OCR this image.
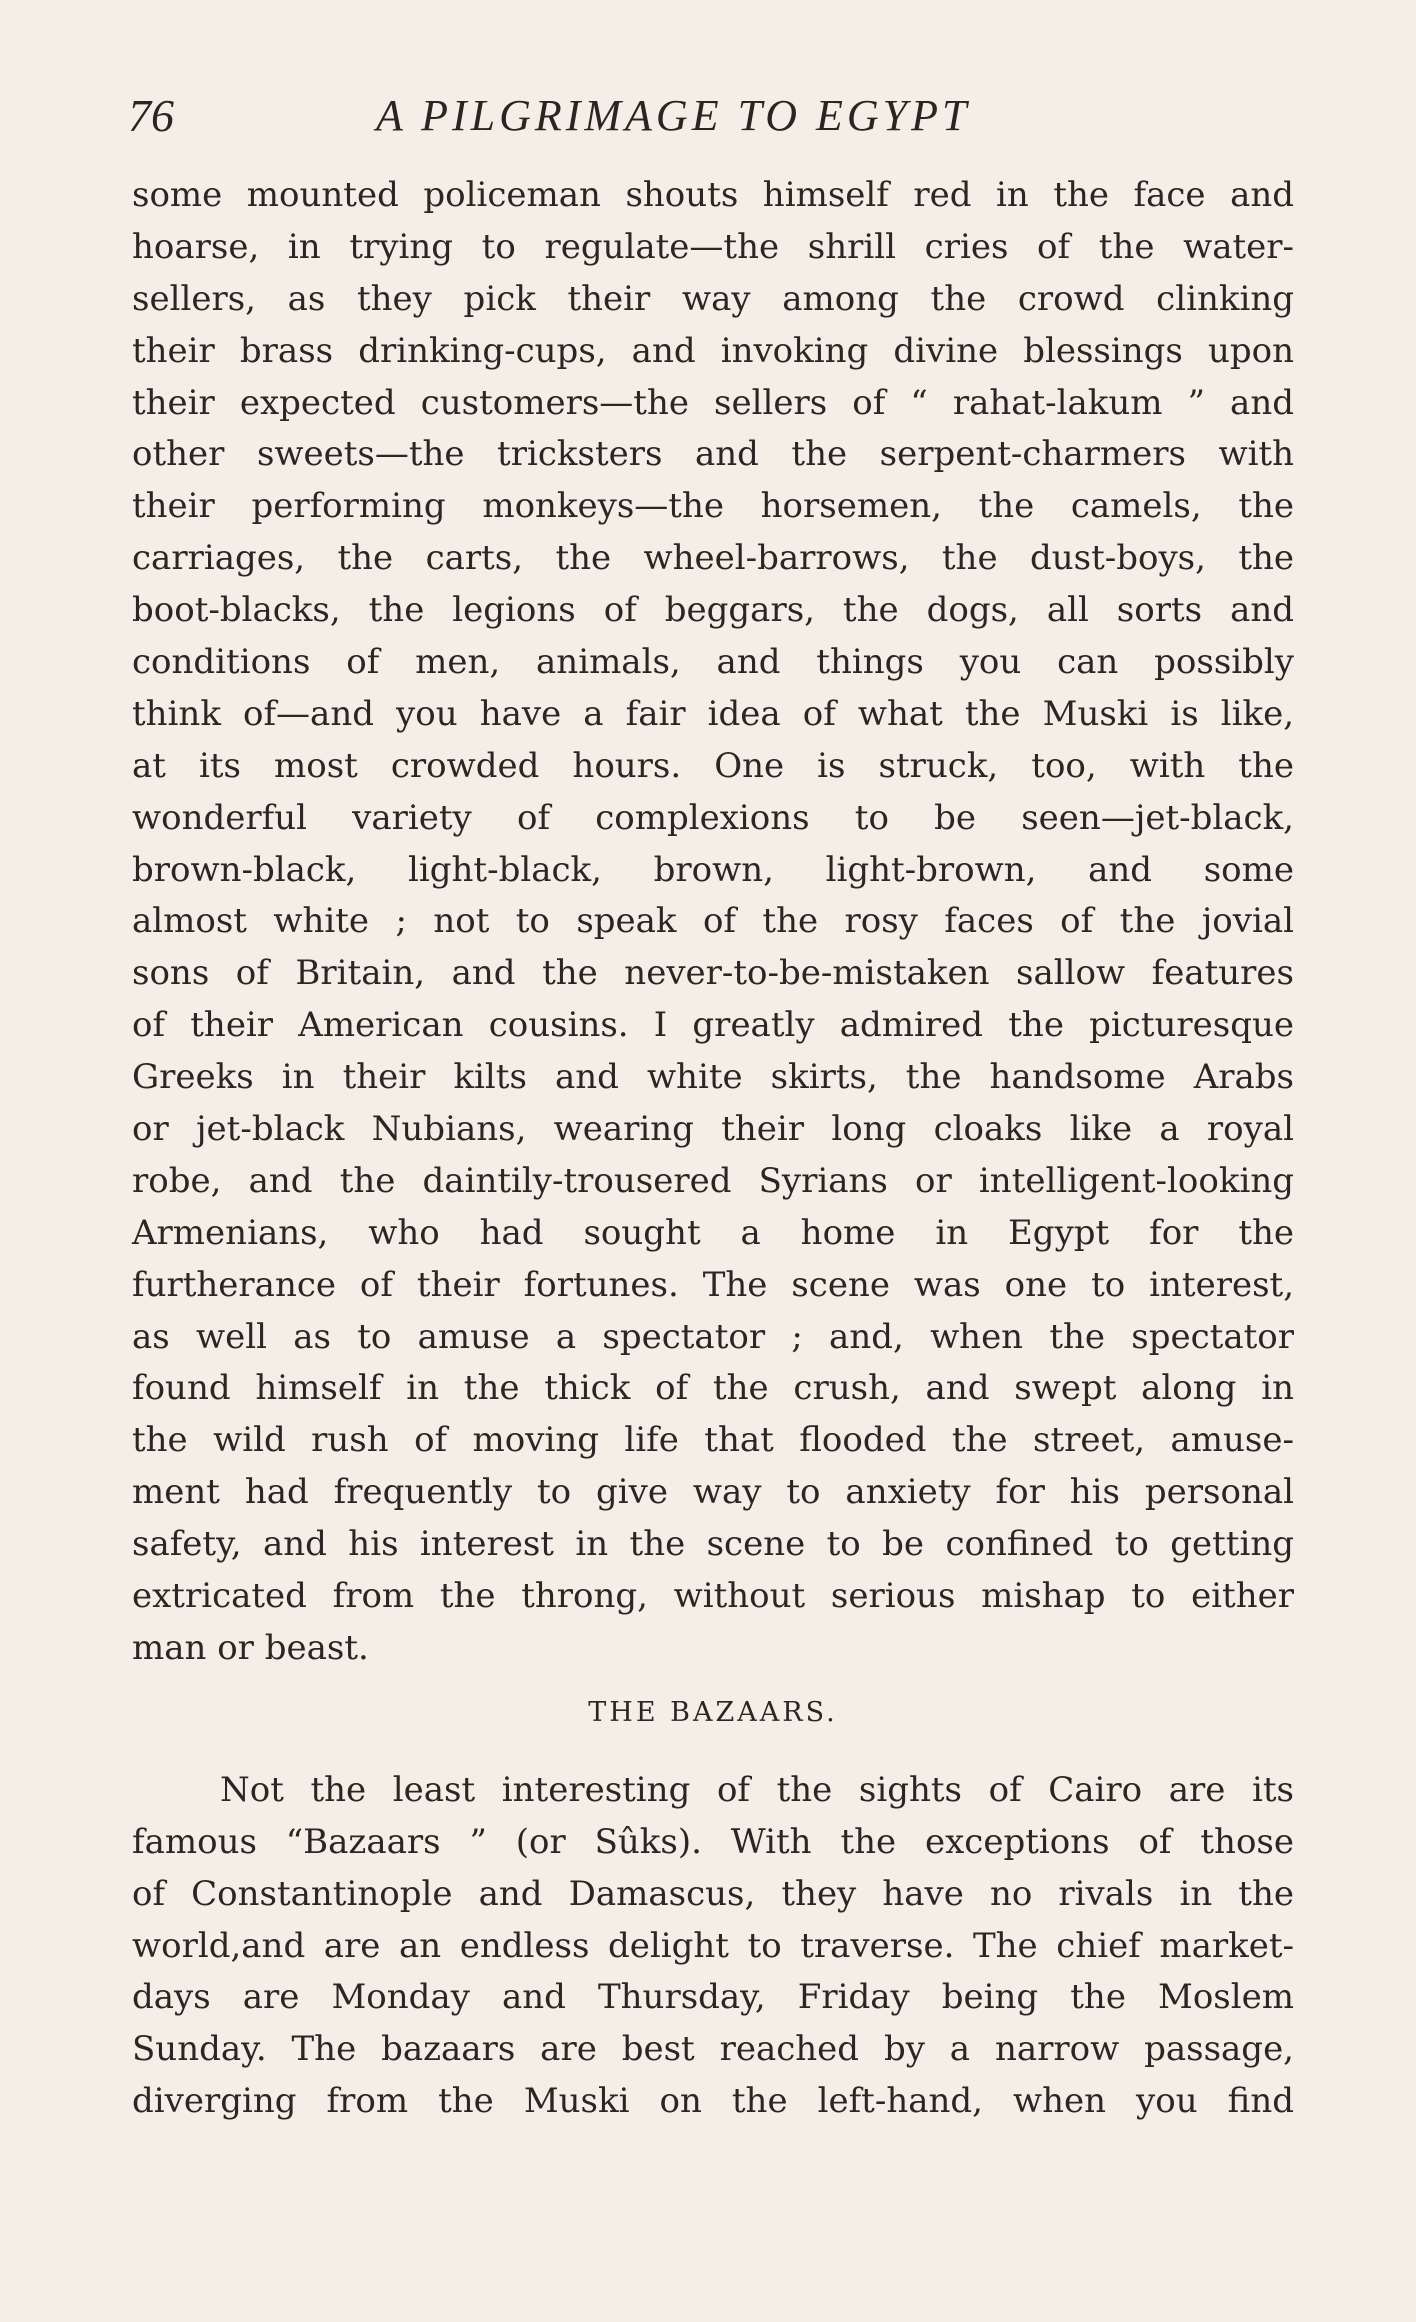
76	A PILGRIMAGE TO EGYPT
some mounted policeman shouts himself red in the face and
hoarse, in trying to regulate—the shrill cries of the water-
sellers, as they pick their way among the crowd clinking
their brass drinking-cups, and invoking divine blessings upon
their expected customers—the sellers of “ rahat-lakum ” and
other sweets—the tricksters and the serpent-charmers with
their performing monkeys—the horsemen, the camels, the
carriages, the carts, the wheel-barrows, the dust-boys, the
boot-blacks, the legions of beggars, the dogs, all sorts and
conditions of men, animals, and things you can possibly
think of—and you have a fair idea of what the Muski is like,
at its most crowded hours. One is struck, too, with the
wonderful variety of complexions to be seen—jet-black,
brown-black, light-black, brown, light-brown, and some
almost white ; not to speak of the rosy faces of the jovial
sons of Britain, and the never-to-be-mistaken sallow features
of their American cousins. I greatly admired the picturesque
Greeks in their kilts and white skirts, the handsome Arabs
or jet-black Nubians, wearing their long cloaks like a royal
robe, and the daintily-trousered Syrians or intelligent-looking
Armenians, who had sought a home in Egypt for the
furtherance of their fortunes. The scene was one to interest,
as well as to amuse a spectator ; and, when the spectator
found himself in the thick of the crush, and swept along in
the wild rush of moving life that flooded the street, amuse-
ment had frequently to give way to anxiety for his personal
safety, and his interest in the scene to be confined to getting
extricated from the throng, without serious mishap to either
man or beast.
THE BAZAARS.
Not the least interesting of the sights of Cairo are its
famous “Bazaars ” (or Sûks). With the exceptions of those
of Constantinople and Damascus, they have no rivals in the
world,and are an endless delight to traverse. The chief market-
days are Monday and Thursday, Friday being the Moslem
Sunday. The bazaars are best reached by a narrow passage,
diverging from the Muski on the left-hand, when you find
